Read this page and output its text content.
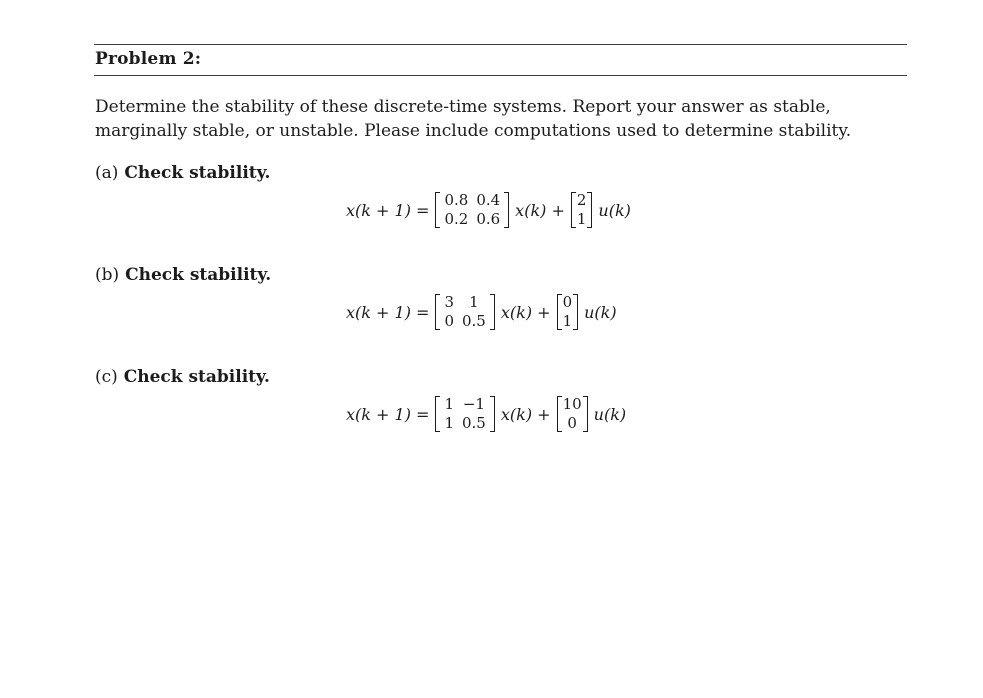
Problem 2:
Determine the stability of these discrete-time systems. Report your answer as stable, marginally stable, or unstable. Please include computations used to determine stability.
(a) Check stability.
x(k + 1) =
0.8	0.4
0.2	0.6 x(k) +
2
1 u(k)
(b) Check stability.
x(k + 1) =
3	1
0	0.5 x(k) +
0
1 u(k)
(c) Check stability.
x(k + 1) =
1	−1
1	0.5 x(k) +
10
0 u(k)
